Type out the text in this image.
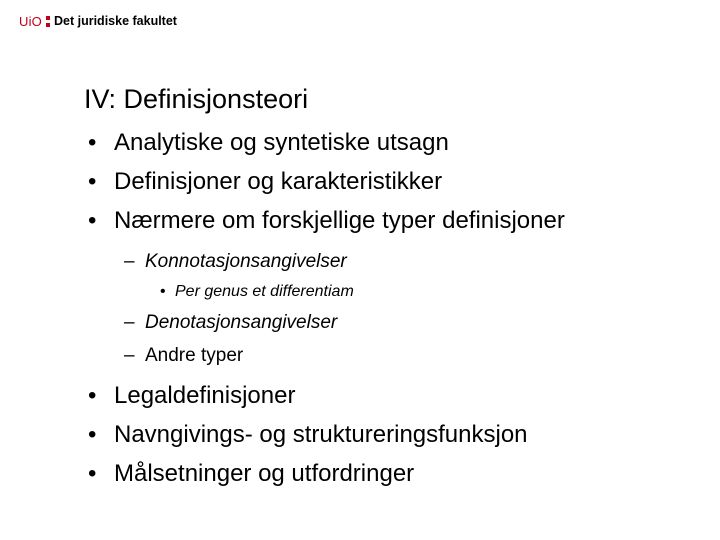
UiO Det juridiske fakultet
IV: Definisjonsteori
• Analytiske og syntetiske utsagn
• Definisjoner og karakteristikker
• Nærmere om forskjellige typer definisjoner
– Konnotasjonsangivelser
• Per genus et differentiam
– Denotasjonsangivelser
– Andre typer
• Legaldefinisjoner
• Navngivings- og struktureringsfunksjon
• Målsetninger og utfordringer
